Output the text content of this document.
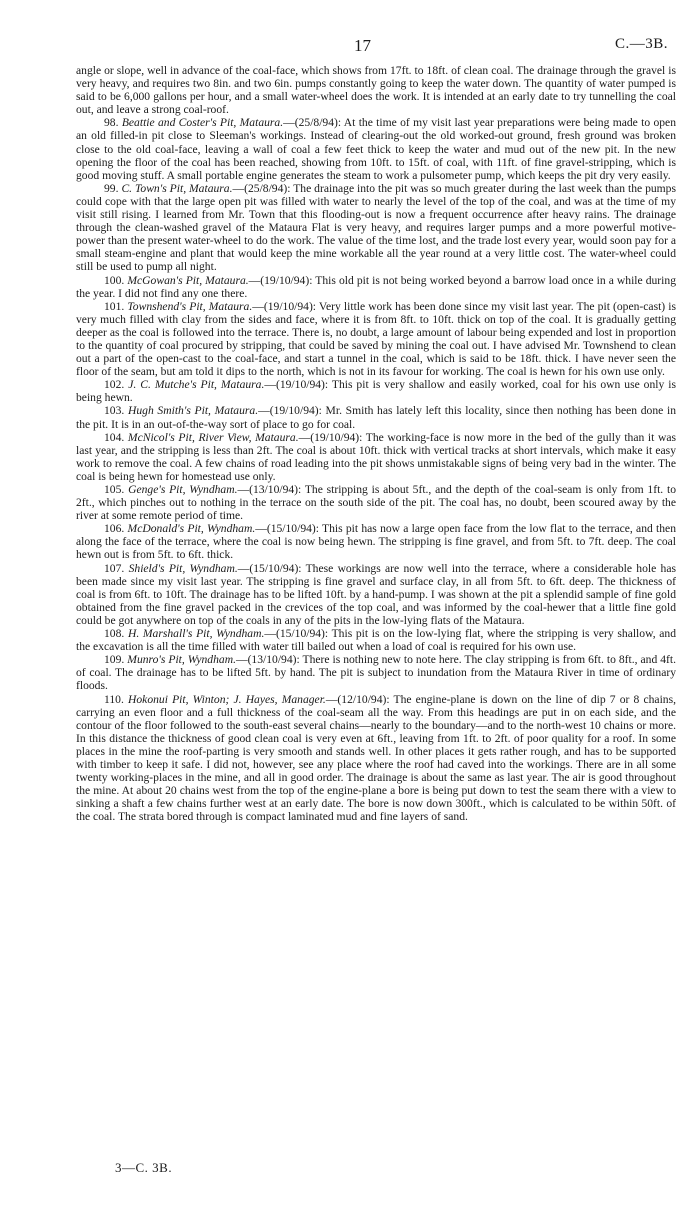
17	C.—3B.

angle or slope, well in advance of the coal-face, which shows from 17ft. to 18ft. of clean coal. The drainage through the gravel is very heavy, and requires two 8in. and two 6in. pumps constantly going to keep the water down. The quantity of water pumped is said to be 6,000 gallons per hour, and a small water-wheel does the work. It is intended at an early date to try tunnelling the coal out, and leave a strong coal-roof.

98. Beattie and Coster's Pit, Mataura.—(25/8/94): At the time of my visit last year preparations were being made to open an old filled-in pit close to Sleeman's workings. Instead of clearing-out the old worked-out ground, fresh ground was broken close to the old coal-face, leaving a wall of coal a few feet thick to keep the water and mud out of the new pit. In the new opening the floor of the coal has been reached, showing from 10ft. to 15ft. of coal, with 11ft. of fine gravel-stripping, which is good moving stuff. A small portable engine generates the steam to work a pulsometer pump, which keeps the pit dry very easily.

99. C. Town's Pit, Mataura.—(25/8/94): The drainage into the pit was so much greater during the last week than the pumps could cope with that the large open pit was filled with water to nearly the level of the top of the coal, and was at the time of my visit still rising. I learned from Mr. Town that this flooding-out is now a frequent occurrence after heavy rains. The drainage through the clean-washed gravel of the Mataura Flat is very heavy, and requires larger pumps and a more powerful motive-power than the present water-wheel to do the work. The value of the time lost, and the trade lost every year, would soon pay for a small steam-engine and plant that would keep the mine workable all the year round at a very little cost. The water-wheel could still be used to pump all night.

100. McGowan's Pit, Mataura.—(19/10/94): This old pit is not being worked beyond a barrow load once in a while during the year. I did not find any one there.

101. Townshend's Pit, Mataura.—(19/10/94): Very little work has been done since my visit last year. The pit (open-cast) is very much filled with clay from the sides and face, where it is from 8ft. to 10ft. thick on top of the coal. It is gradually getting deeper as the coal is followed into the terrace. There is, no doubt, a large amount of labour being expended and lost in proportion to the quantity of coal procured by stripping, that could be saved by mining the coal out. I have advised Mr. Townshend to clean out a part of the open-cast to the coal-face, and start a tunnel in the coal, which is said to be 18ft. thick. I have never seen the floor of the seam, but am told it dips to the north, which is not in its favour for working. The coal is hewn for his own use only.

102. J. C. Mutche's Pit, Mataura.—(19/10/94): This pit is very shallow and easily worked, coal for his own use only is being hewn.

103. Hugh Smith's Pit, Mataura.—(19/10/94): Mr. Smith has lately left this locality, since then nothing has been done in the pit. It is in an out-of-the-way sort of place to go for coal.

104. McNicol's Pit, River View, Mataura.—(19/10/94): The working-face is now more in the bed of the gully than it was last year, and the stripping is less than 2ft. The coal is about 10ft. thick with vertical tracks at short intervals, which make it easy work to remove the coal. A few chains of road leading into the pit shows unmistakable signs of being very bad in the winter. The coal is being hewn for homestead use only.

105. Genge's Pit, Wyndham.—(13/10/94): The stripping is about 5ft., and the depth of the coal-seam is only from 1ft. to 2ft., which pinches out to nothing in the terrace on the south side of the pit. The coal has, no doubt, been scoured away by the river at some remote period of time.

106. McDonald's Pit, Wyndham.—(15/10/94): This pit has now a large open face from the low flat to the terrace, and then along the face of the terrace, where the coal is now being hewn. The stripping is fine gravel, and from 5ft. to 7ft. deep. The coal hewn out is from 5ft. to 6ft. thick.

107. Shield's Pit, Wyndham.—(15/10/94): These workings are now well into the terrace, where a considerable hole has been made since my visit last year. The stripping is fine gravel and surface clay, in all from 5ft. to 6ft. deep. The thickness of coal is from 6ft. to 10ft. The drainage has to be lifted 10ft. by a hand-pump. I was shown at the pit a splendid sample of fine gold obtained from the fine gravel packed in the crevices of the top coal, and was informed by the coal-hewer that a little fine gold could be got anywhere on top of the coals in any of the pits in the low-lying flats of the Mataura.

108. H. Marshall's Pit, Wyndham.—(15/10/94): This pit is on the low-lying flat, where the stripping is very shallow, and the excavation is all the time filled with water till bailed out when a load of coal is required for his own use.

109. Munro's Pit, Wyndham.—(13/10/94): There is nothing new to note here. The clay stripping is from 6ft. to 8ft., and 4ft. of coal. The drainage has to be lifted 5ft. by hand. The pit is subject to inundation from the Mataura River in time of ordinary floods.

110. Hokonui Pit, Winton; J. Hayes, Manager.—(12/10/94): The engine-plane is down on the line of dip 7 or 8 chains, carrying an even floor and a full thickness of the coal-seam all the way. From this headings are put in on each side, and the contour of the floor followed to the south-east several chains—nearly to the boundary—and to the north-west 10 chains or more. In this distance the thickness of good clean coal is very even at 6ft., leaving from 1ft. to 2ft. of poor quality for a roof. In some places in the mine the roof-parting is very smooth and stands well. In other places it gets rather rough, and has to be supported with timber to keep it safe. I did not, however, see any place where the roof had caved into the workings. There are in all some twenty working-places in the mine, and all in good order. The drainage is about the same as last year. The air is good throughout the mine. At about 20 chains west from the top of the engine-plane a bore is being put down to test the seam there with a view to sinking a shaft a few chains further west at an early date. The bore is now down 300ft., which is calculated to be within 50ft. of the coal. The strata bored through is compact laminated mud and fine layers of sand.

3—C. 3B.
